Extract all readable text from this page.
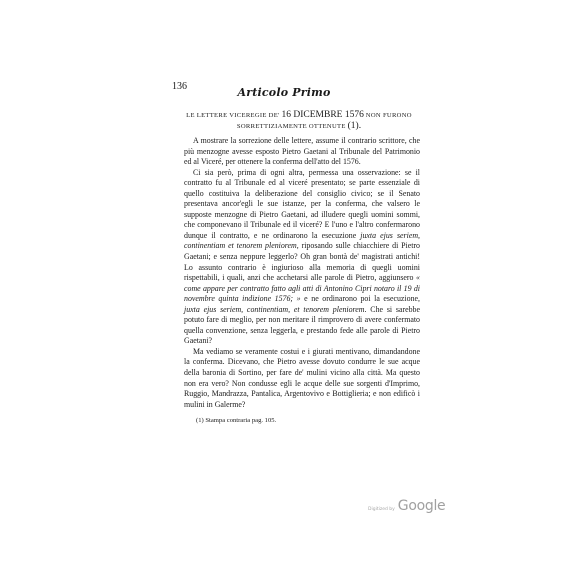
136	Articolo Primo
LE LETTERE VICEREGIE DE' 16 DICEMBRE 1576 NON FURONO
SORRETTIZIAMENTE OTTENUTE (1).

A mostrare la sorrezione delle lettere, assume il contrario scrittore, che più menzogne avesse esposto Pietro Gaetani al Tribunale del Patrimonio ed al Viceré, per ottenere la conferma dell'atto del 1576.

Ci sia però, prima di ogni altra, permessa una osservazione: se il contratto fu al Tribunale ed al viceré presentato; se parte essenziale di quello costituiva la deliberazione del consiglio civico; se il Senato presentava ancor'egli le sue istanze, per la conferma, che valsero le supposte menzogne di Pietro Gaetani, ad illudere quegli uomini sommi, che componevano il Tribunale ed il viceré? E l'uno e l'altro confermarono dunque il contratto, e ne ordinarono la esecuzione juxta ejus seriem, continentiam et tenorem pleniorem, riposando sulle chiacchiere di Pietro Gaetani; e senza neppure leggerlo? Oh gran bontà de' magistrati antichi! Lo assunto contrario è ingiurioso alla memoria di quegli uomini rispettabili, i quali, anzi che acchetarsi alle parole di Pietro, aggiunsero « come appare per contratto fatto agli atti di Antonino Cipri notaro il 19 di novembre quinta indizione 1576; » e ne ordinarono poi la esecuzione, juxta ejus seriem, continentiam, et tenorem pleniorem. Che si sarebbe potuto fare di meglio, per non meritare il rimprovero di avere confermato quella convenzione, senza leggerla, e prestando fede alle parole di Pietro Gaetani?

Ma vediamo se veramente costui e i giurati mentivano, dimandandone la conferma. Dicevano, che Pietro avesse dovuto condurre le sue acque della baronia di Sortino, per fare de' mulini vicino alla città. Ma questo non era vero? Non condusse egli le acque delle sue sorgenti d'Imprimo, Ruggio, Mandrazza, Pantalica, Argentovivo e Bottiglieria; e non edificò i mulini in Galerme?

(1) Stampa contraria pag. 105.
Digitized by Google
